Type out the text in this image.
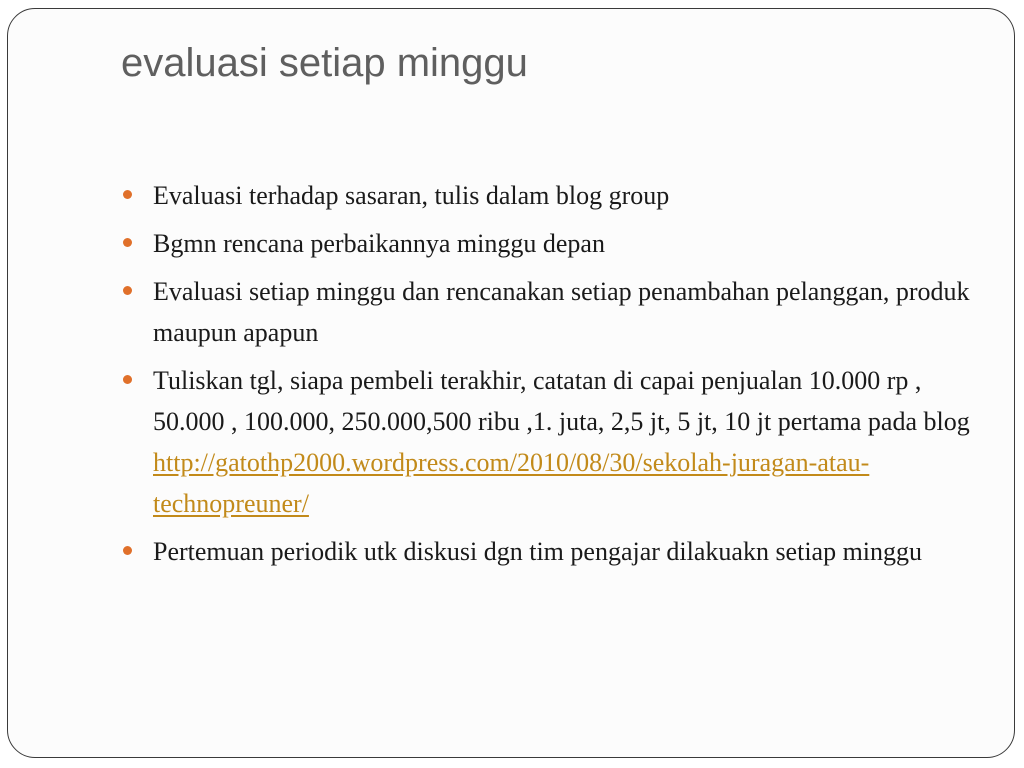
evaluasi setiap minggu
Evaluasi terhadap sasaran, tulis dalam blog group
Bgmn rencana perbaikannya minggu depan
Evaluasi setiap minggu dan rencanakan setiap penambahan pelanggan, produk maupun apapun
Tuliskan tgl, siapa pembeli terakhir, catatan di capai penjualan 10.000 rp , 50.000 , 100.000, 250.000,500 ribu ,1. juta, 2,5 jt, 5 jt, 10 jt pertama pada blog
http://gatothp2000.wordpress.com/2010/08/30/sekolah-juragan-atau-technopreuner/
Pertemuan periodik utk diskusi dgn tim pengajar dilakuakn setiap minggu
